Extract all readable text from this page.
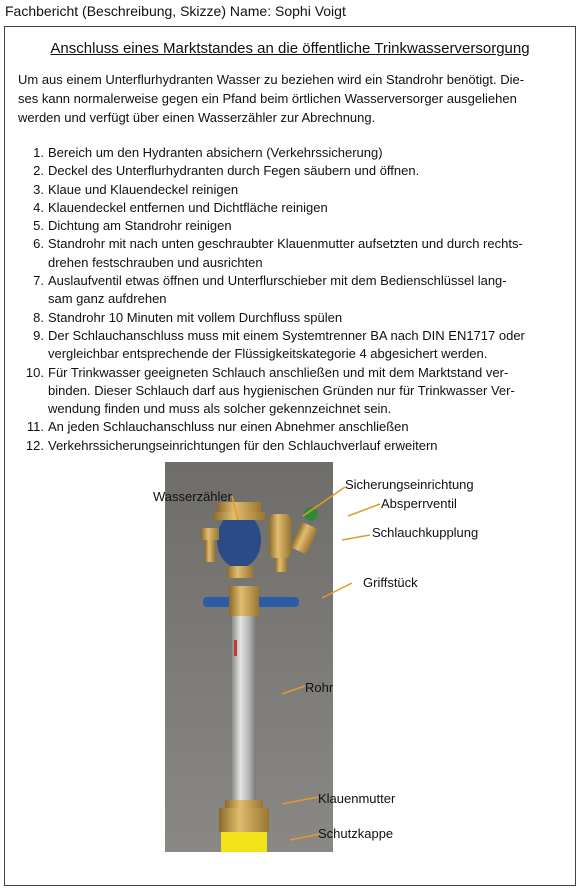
Fachbericht (Beschreibung, Skizze) Name: Sophi Voigt
Anschluss eines Marktstandes an die öffentliche Trinkwasserversorgung
Um aus einem Unterflurhydranten Wasser zu beziehen wird ein Standrohr benötigt. Die-
ses kann normalerweise gegen ein Pfand beim örtlichen Wasserversorger ausgeliehen
werden und verfügt über einen Wasserzähler zur Abrechnung.
1. Bereich um den Hydranten absichern (Verkehrssicherung)
2. Deckel des Unterflurhydranten durch Fegen säubern und öffnen.
3. Klaue und Klauendeckel reinigen
4. Klauendeckel entfernen und Dichtfläche reinigen
5. Dichtung am Standrohr reinigen
6. Standrohr mit nach unten geschraubter Klauenmutter aufsetzten und durch rechts-
drehen festschrauben und ausrichten
7. Auslaufventil etwas öffnen und Unterflurschieber mit dem Bedienschlüssel lang-
sam ganz aufdrehen
8. Standrohr 10 Minuten mit vollem Durchfluss spülen
9. Der Schlauchanschluss muss mit einem Systemtrenner BA nach DIN EN1717 oder
vergleichbar entsprechende der Flüssigkeitskategorie 4 abgesichert werden.
10. Für Trinkwasser geeigneten Schlauch anschließen und mit dem Marktstand ver-
binden. Dieser Schlauch darf aus hygienischen Gründen nur für Trinkwasser Ver-
wendung finden und muss als solcher gekennzeichnet sein.
11. An jeden Schlauchanschluss nur einen Abnehmer anschließen
12. Verkehrssicherungseinrichtungen für den Schlauchverlauf erweitern
Wasserzähler
Sicherungseinrichtung
Absperrventil
Schlauchkupplung
Griffstück
Rohr
Klauenmutter
Schutzkappe
